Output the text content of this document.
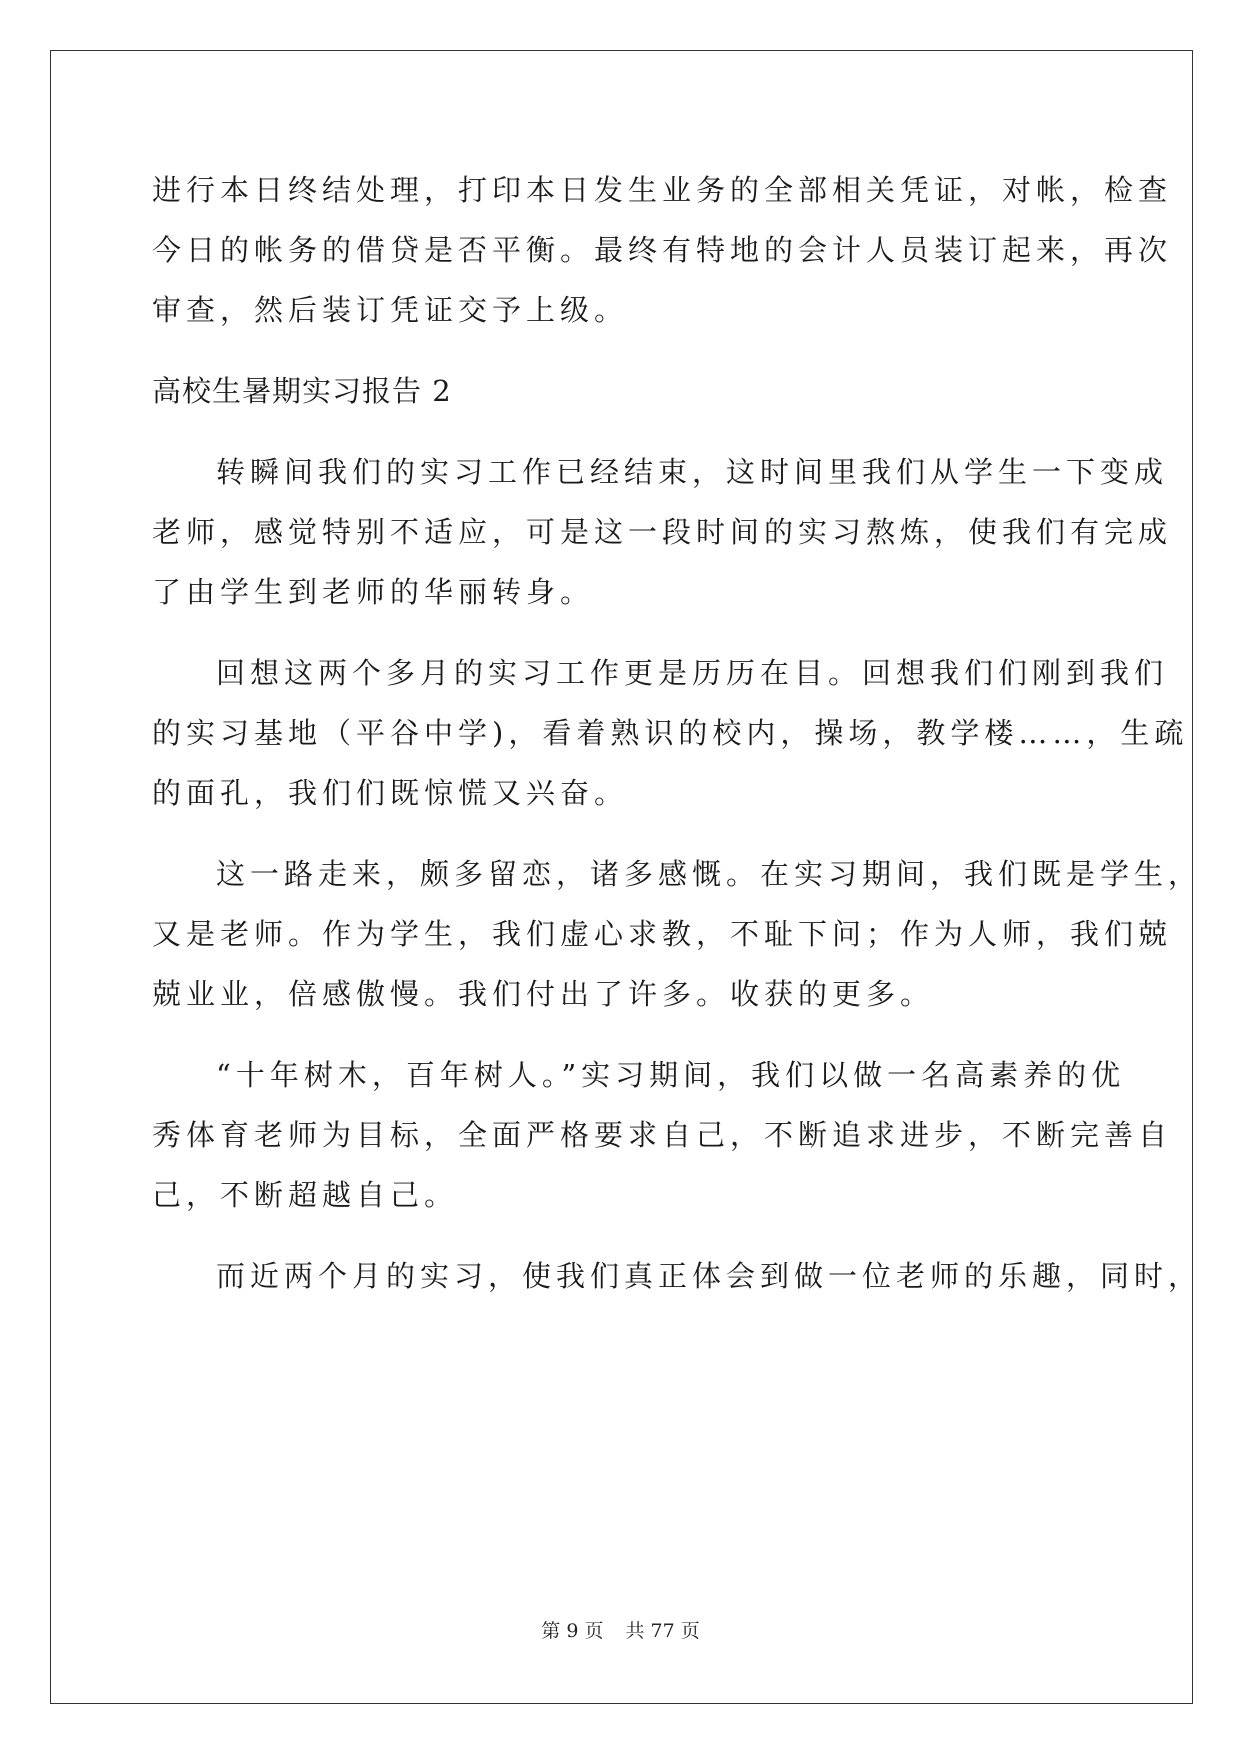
进行本日终结处理，打印本日发生业务的全部相关凭证，对帐，检查
今日的帐务的借贷是否平衡。最终有特地的会计人员装订起来，再次
审查，然后装订凭证交予上级。
高校生暑期实习报告 2
转瞬间我们的实习工作已经结束，这时间里我们从学生一下变成
老师，感觉特别不适应，可是这一段时间的实习熬炼，使我们有完成
了由学生到老师的华丽转身。
回想这两个多月的实习工作更是历历在目。回想我们们刚到我们
的实习基地（平谷中学)，看着熟识的校内，操场，教学楼……，生疏
的面孔，我们们既惊慌又兴奋。
这一路走来，颇多留恋，诸多感慨。在实习期间，我们既是学生，
又是老师。作为学生，我们虚心求教，不耻下问；作为人师，我们兢
兢业业，倍感傲慢。我们付出了许多。收获的更多。
“十年树木，百年树人。”实习期间，我们以做一名高素养的优
秀体育老师为目标，全面严格要求自己，不断追求进步，不断完善自
己，不断超越自己。
而近两个月的实习，使我们真正体会到做一位老师的乐趣，同时，
第 9 页 共 77 页
